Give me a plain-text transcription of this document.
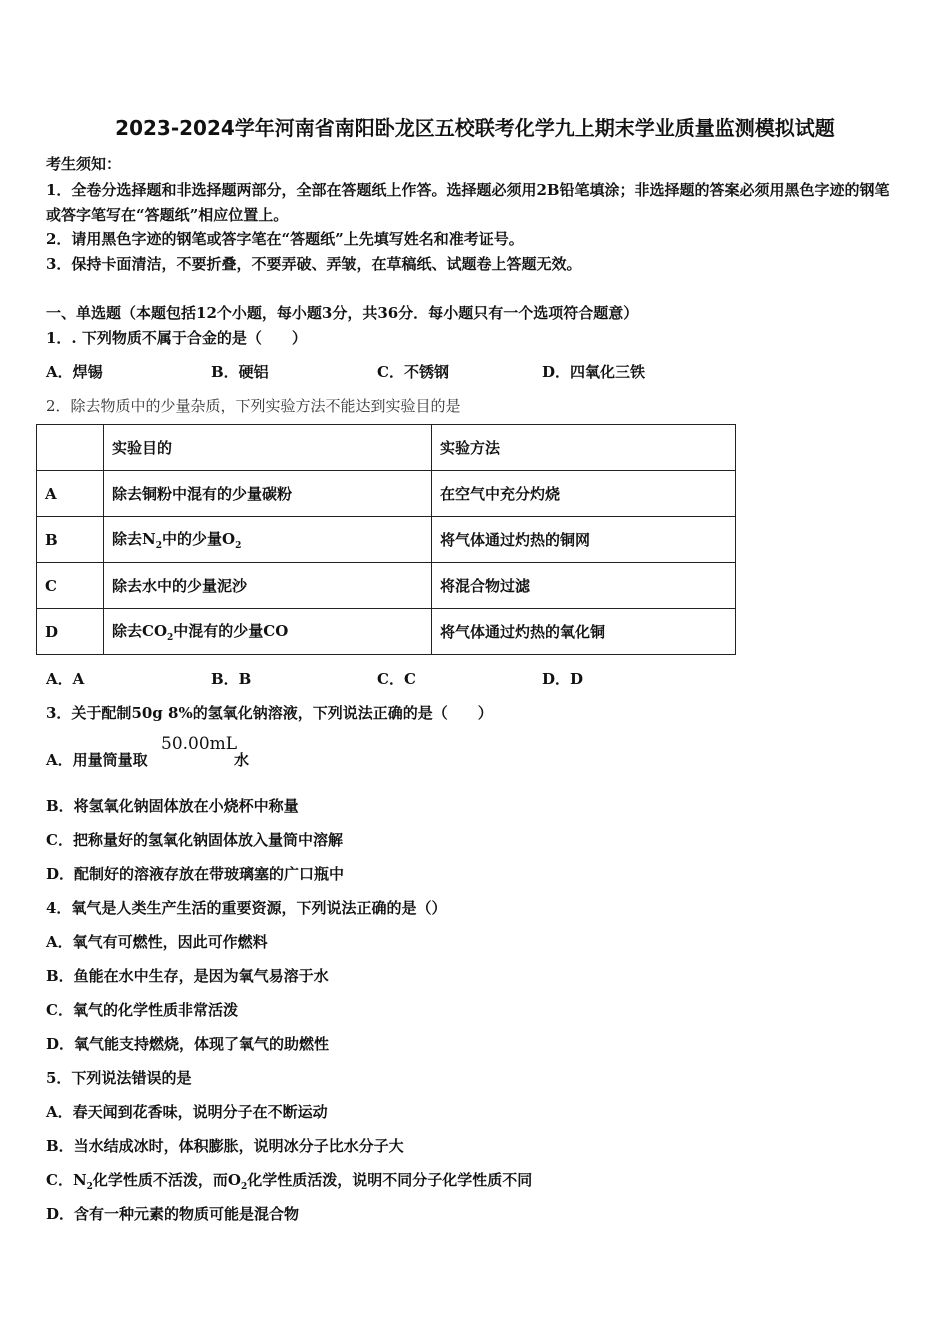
2023-2024学年河南省南阳卧龙区五校联考化学九上期末学业质量监测模拟试题
考生须知：
1．全卷分选择题和非选择题两部分，全部在答题纸上作答。选择题必须用2B铅笔填涂；非选择题的答案必须用黑色字迹的钢笔或答字笔写在“答题纸”相应位置上。
2．请用黑色字迹的钢笔或答字笔在“答题纸”上先填写姓名和准考证号。
3．保持卡面清洁，不要折叠，不要弄破、弄皱，在草稿纸、试题卷上答题无效。
一、单选题（本题包括12个小题，每小题3分，共36分．每小题只有一个选项符合题意）
1．. 下列物质不属于合金的是（　　）
A．焊锡	B．硬铝	C．不锈钢	D．四氧化三铁
2．除去物质中的少量杂质，下列实验方法不能达到实验目的是
	实验目的	实验方法
A	除去铜粉中混有的少量碳粉	在空气中充分灼烧
B	除去$N_2$中的少量$O_2$	将气体通过灼热的铜网
C	除去水中的少量泥沙	将混合物过滤
D	除去$CO_2$中混有的少量CO	将气体通过灼热的氧化铜
A．A	B．B	C．C	D．D
3．关于配制50g 8%的氢氧化钠溶液，下列说法正确的是（　　）
A．用量筒量取
50.00mL
水
B．将氢氧化钠固体放在小烧杯中称量
C．把称量好的氢氧化钠固体放入量筒中溶解
D．配制好的溶液存放在带玻璃塞的广口瓶中
4．氧气是人类生产生活的重要资源，下列说法正确的是（）
A．氧气有可燃性，因此可作燃料
B．鱼能在水中生存，是因为氧气易溶于水
C．氧气的化学性质非常活泼
D．氧气能支持燃烧，体现了氧气的助燃性
5．下列说法错误的是
A．春天闻到花香味，说明分子在不断运动
B．当水结成冰时，体积膨胀，说明冰分子比水分子大
C．$N_2$化学性质不活泼，而$O_2$化学性质活泼，说明不同分子化学性质不同
D．含有一种元素的物质可能是混合物
